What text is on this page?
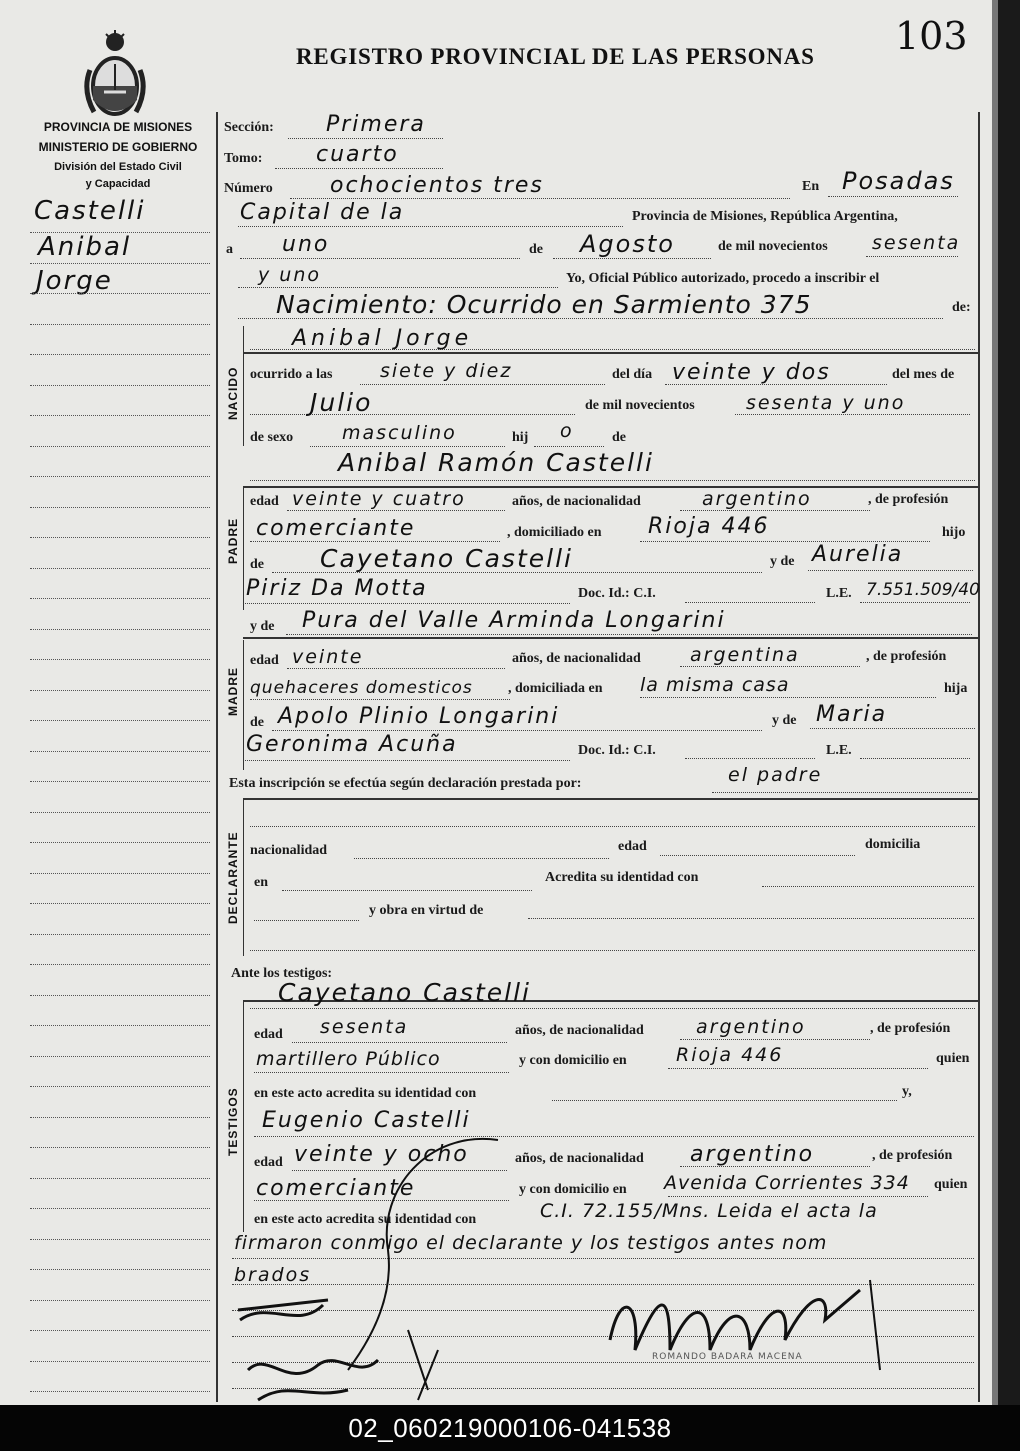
REGISTRO PROVINCIAL DE LAS PERSONAS 103
PROVINCIA DE MISIONES
MINISTERIO DE GOBIERNO
División del Estado Civil
y Capacidad
Castelli
Anibal
Jorge
NACIDO
PADRE
MADRE
DECLARANTE
TESTIGOS
Sección: Primera
Tomo: cuarto
Número	ochocientos tres	En Posadas
Capital de la	Provincia de Misiones, República Argentina,
a uno	de Agosto	de mil novecientos sesenta
y uno	Yo, Oficial Público autorizado, procedo a inscribir el
Nacimiento: Ocurrido en Sarmiento 375	de:
Anibal Jorge
ocurrido a las	siete y diez	del día veinte y dos	del mes de
Julio	de mil novecientos	sesenta y uno
de sexo	masculino	hij o	de
Anibal Ramón Castelli
edad veinte y cuatro	años, de nacionalidad	argentino	, de profesión
comerciante	, domiciliado en Rioja 446	hijo
de Cayetano Castelli	y de Aurelia
Piriz Da Motta	Doc. Id.: C.I.	L.E. 7.551.509/40
y de Pura del Valle Arminda Longarini
edad veinte	años, de nacionalidad	argentina	, de profesión
quehaceres domesticos	, domiciliada en la misma casa	hija
de Apolo Plinio Longarini	y de Maria
Geronima Acuña	Doc. Id.: C.I.	L.E.
Esta inscripción se efectúa según declaración prestada por:	el padre
nacionalidad	edad	domicilia
en	Acredita su identidad con
y obra en virtud de
Ante los testigos:
Cayetano Castelli
edad sesenta	años, de nacionalidad	argentino	, de profesión
martillero Público	y con domicilio en	Rioja 446	quien
en este acto acredita su identidad con	y,
Eugenio Castelli
edad veinte y ocho	años, de nacionalidad argentino	, de profesión
comerciante	y con domicilio en Avenida Corrientes 334 quien
en este acto acredita su identidad con	C.I. 72.155/Mns. Leida el acta la
firmaron conmigo el declarante y los testigos antes nom
brados
ROMANDO BADARA MACENA
02_060219000106-041538
